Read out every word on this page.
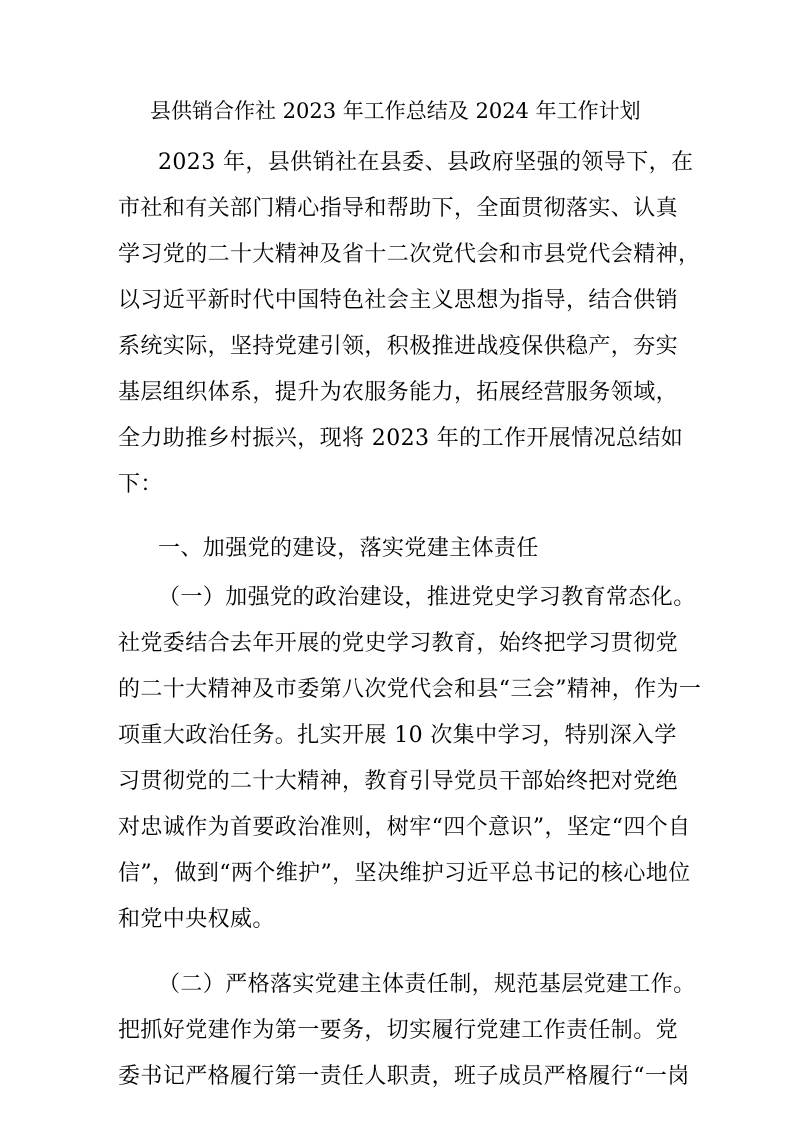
县供销合作社 2023 年工作总结及 2024 年工作计划
2023 年，县供销社在县委、县政府坚强的领导下，在
市社和有关部门精心指导和帮助下，全面贯彻落实、认真
学习党的二十大精神及省十二次党代会和市县党代会精神，
以习近平新时代中国特色社会主义思想为指导，结合供销
系统实际，坚持党建引领，积极推进战疫保供稳产，夯实
基层组织体系，提升为农服务能力，拓展经营服务领域，
全力助推乡村振兴，现将 2023 年的工作开展情况总结如
下：
一、加强党的建设，落实党建主体责任
（一）加强党的政治建设，推进党史学习教育常态化。
社党委结合去年开展的党史学习教育，始终把学习贯彻党
的二十大精神及市委第八次党代会和县“三会”精神，作为一
项重大政治任务。扎实开展 10 次集中学习，特别深入学
习贯彻党的二十大精神，教育引导党员干部始终把对党绝
对忠诚作为首要政治准则，树牢“四个意识”，坚定“四个自
信”，做到“两个维护”，坚决维护习近平总书记的核心地位
和党中央权威。
（二）严格落实党建主体责任制，规范基层党建工作。
把抓好党建作为第一要务，切实履行党建工作责任制。党
委书记严格履行第一责任人职责，班子成员严格履行“一岗
